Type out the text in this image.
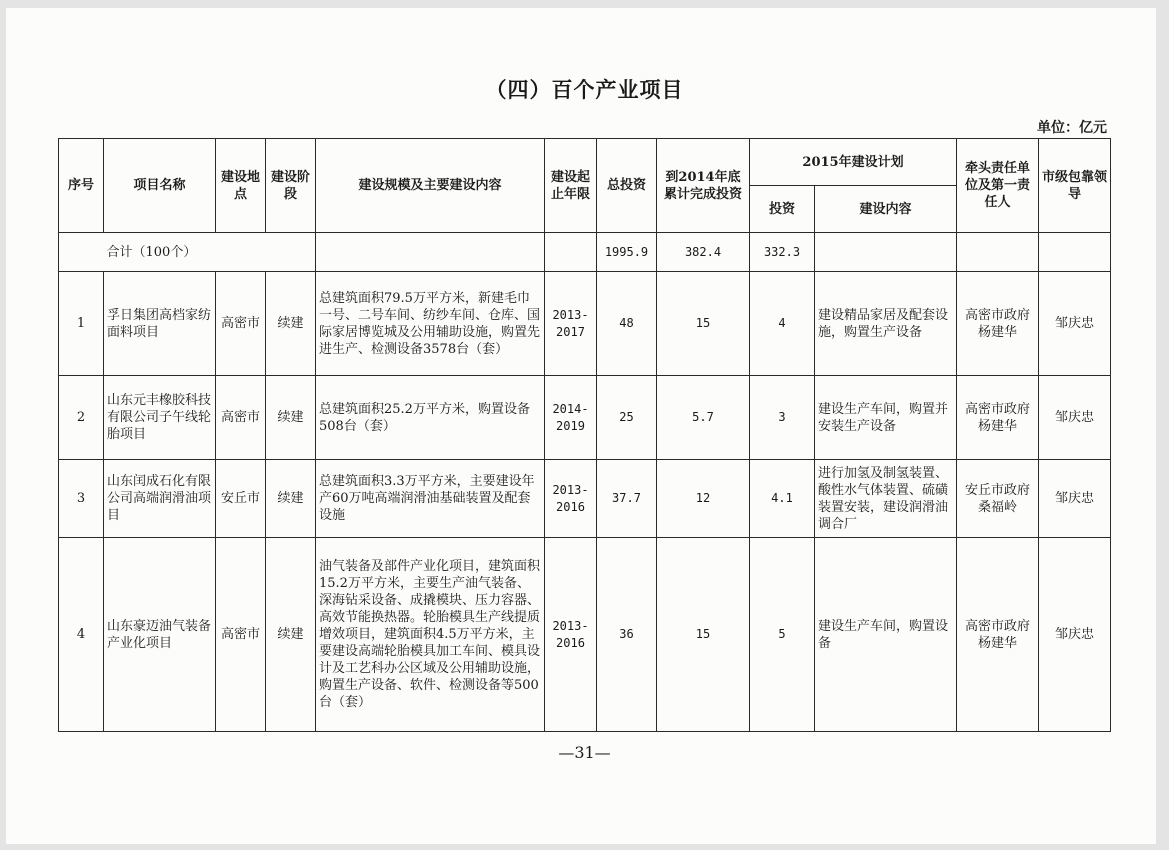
（四）百个产业项目
单位：亿元
序号	项目名称	建设地点	建设阶段	建设规模及主要建设内容	建设起止年限	总投资	到2014年底累计完成投资	2015年建设计划		牵头责任单位及第一责任人	市级包靠领导
								投资	建设内容		
	合计（100个）					1995.9	382.4	332.3			
1	孚日集团高档家纺面料项目	高密市	续建	总建筑面积79.5万平方米，新建毛巾一号、二号车间、纺纱车间、仓库、国际家居博览城及公用辅助设施，购置先进生产、检测设备3578台（套）	2013-2017	48	15	4	建设精品家居及配套设施，购置生产设备	高密市政府杨建华	邹庆忠
2	山东元丰橡胶科技有限公司子午线轮胎项目	高密市	续建	总建筑面积25.2万平方米，购置设备508台（套）	2014-2019	25	5.7	3	建设生产车间，购置并安装生产设备	高密市政府杨建华	邹庆忠
3	山东闰成石化有限公司高端润滑油项目	安丘市	续建	总建筑面积3.3万平方米，主要建设年产60万吨高端润滑油基础装置及配套设施	2013-2016	37.7	12	4.1	进行加氢及制氢装置、酸性水气体装置、硫磺装置安装，建设润滑油调合厂	安丘市政府桑福岭	邹庆忠
4	山东豪迈油气装备产业化项目	高密市	续建	油气装备及部件产业化项目，建筑面积15.2万平方米，主要生产油气装备、深海钻采设备、成撬模块、压力容器、高效节能换热器。轮胎模具生产线提质增效项目，建筑面积4.5万平方米，主要建设高端轮胎模具加工车间、模具设计及工艺科办公区域及公用辅助设施，购置生产设备、软件、检测设备等500台（套）	2013-2016	36	15	5	建设生产车间，购置设备	高密市政府杨建华	邹庆忠
—31—
